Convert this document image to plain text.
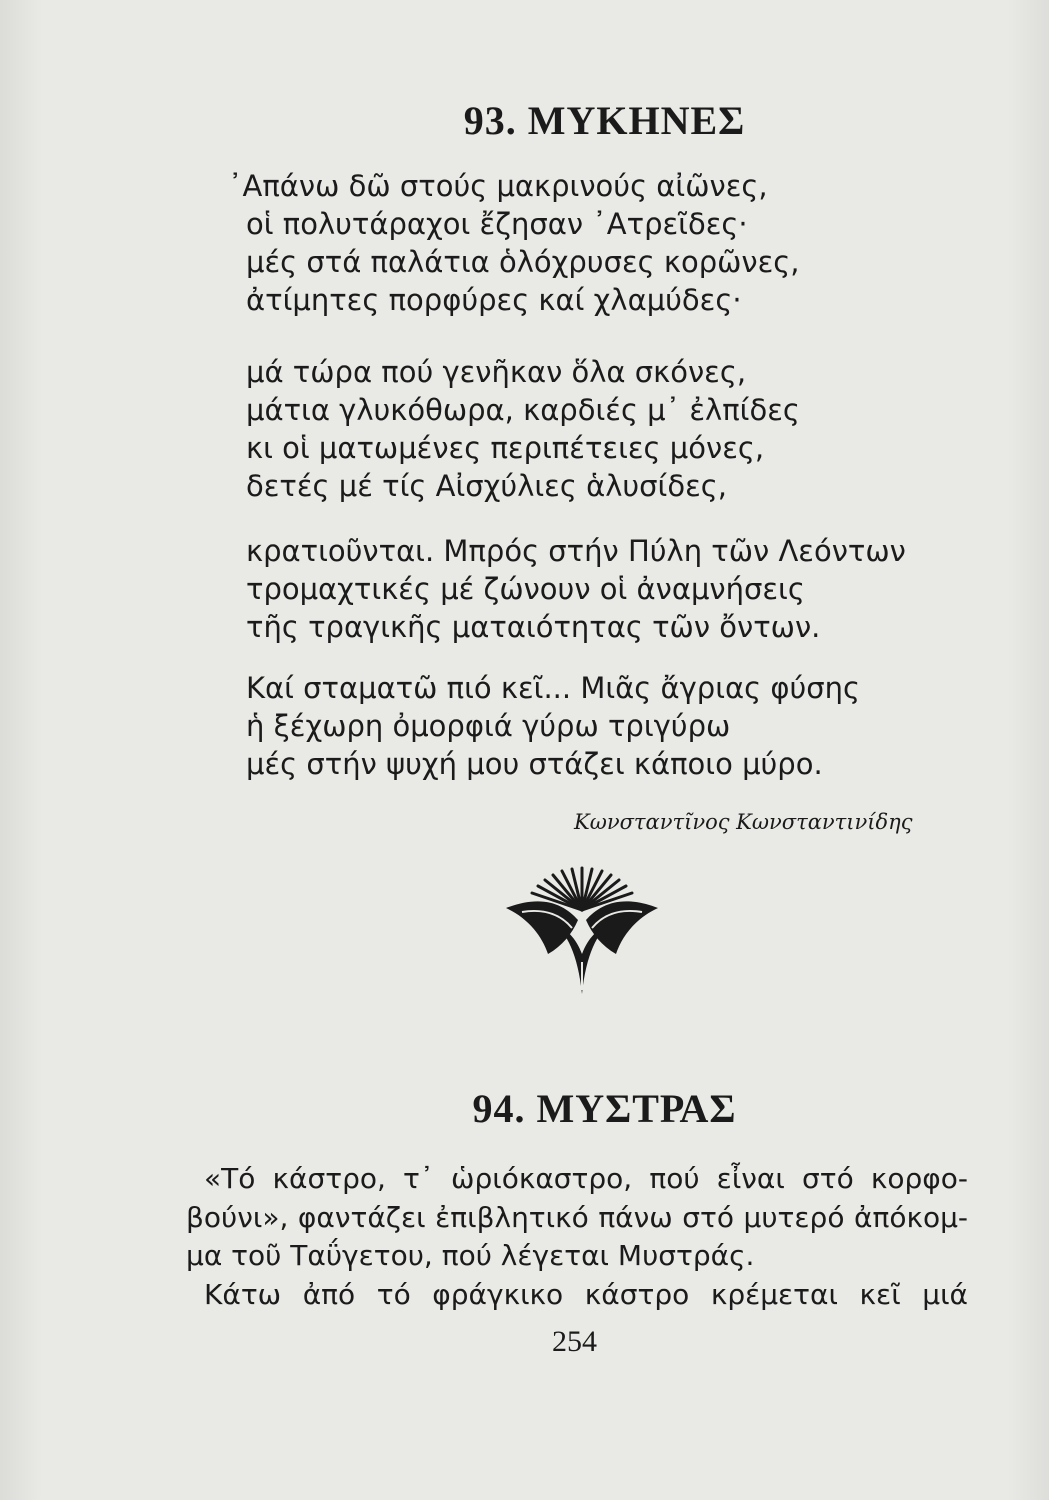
93. ΜΥΚΗΝΕΣ
᾿Απάνω δῶ στούς μακρινούς αἰῶνες,
οἱ πολυτάραχοι ἔζησαν ᾿Ατρεῖδες·
μές στά παλάτια ὁλόχρυσες κορῶνες,
ἀτίμητες πορφύρες καί χλαμύδες·
μά τώρα πού γενῆκαν ὅλα σκόνες,
μάτια γλυκόθωρα, καρδιές μ᾿ ἐλπίδες
κι οἱ ματωμένες περιπέτειες μόνες,
δετές μέ τίς Αἰσχύλιες ἁλυσίδες,
κρατιοῦνται. Μπρός στήν Πύλη τῶν Λεόντων
τρομαχτικές μέ ζώνουν οἱ ἀναμνήσεις
τῆς τραγικῆς ματαιότητας τῶν ὄντων.
Καί σταματῶ πιό κεῖ... Μιᾶς ἄγριας φύσης
ἡ ξέχωρη ὀμορφιά γύρω τριγύρω
μές στήν ψυχή μου στάζει κάποιο μύρο.
Κωνσταντῖνος Κωνσταντινίδης
94. ΜΥΣΤΡΑΣ
«Τό κάστρο, τ᾿ ὡριόκαστρο, πού εἶναι στό κορφο-
βούνι», φαντάζει ἐπιβλητικό πάνω στό μυτερό ἀπόκομ-
μα τοῦ Ταΰγετου, πού λέγεται Μυστράς.
Κάτω ἀπό τό φράγκικο κάστρο κρέμεται κεῖ μιά
254
